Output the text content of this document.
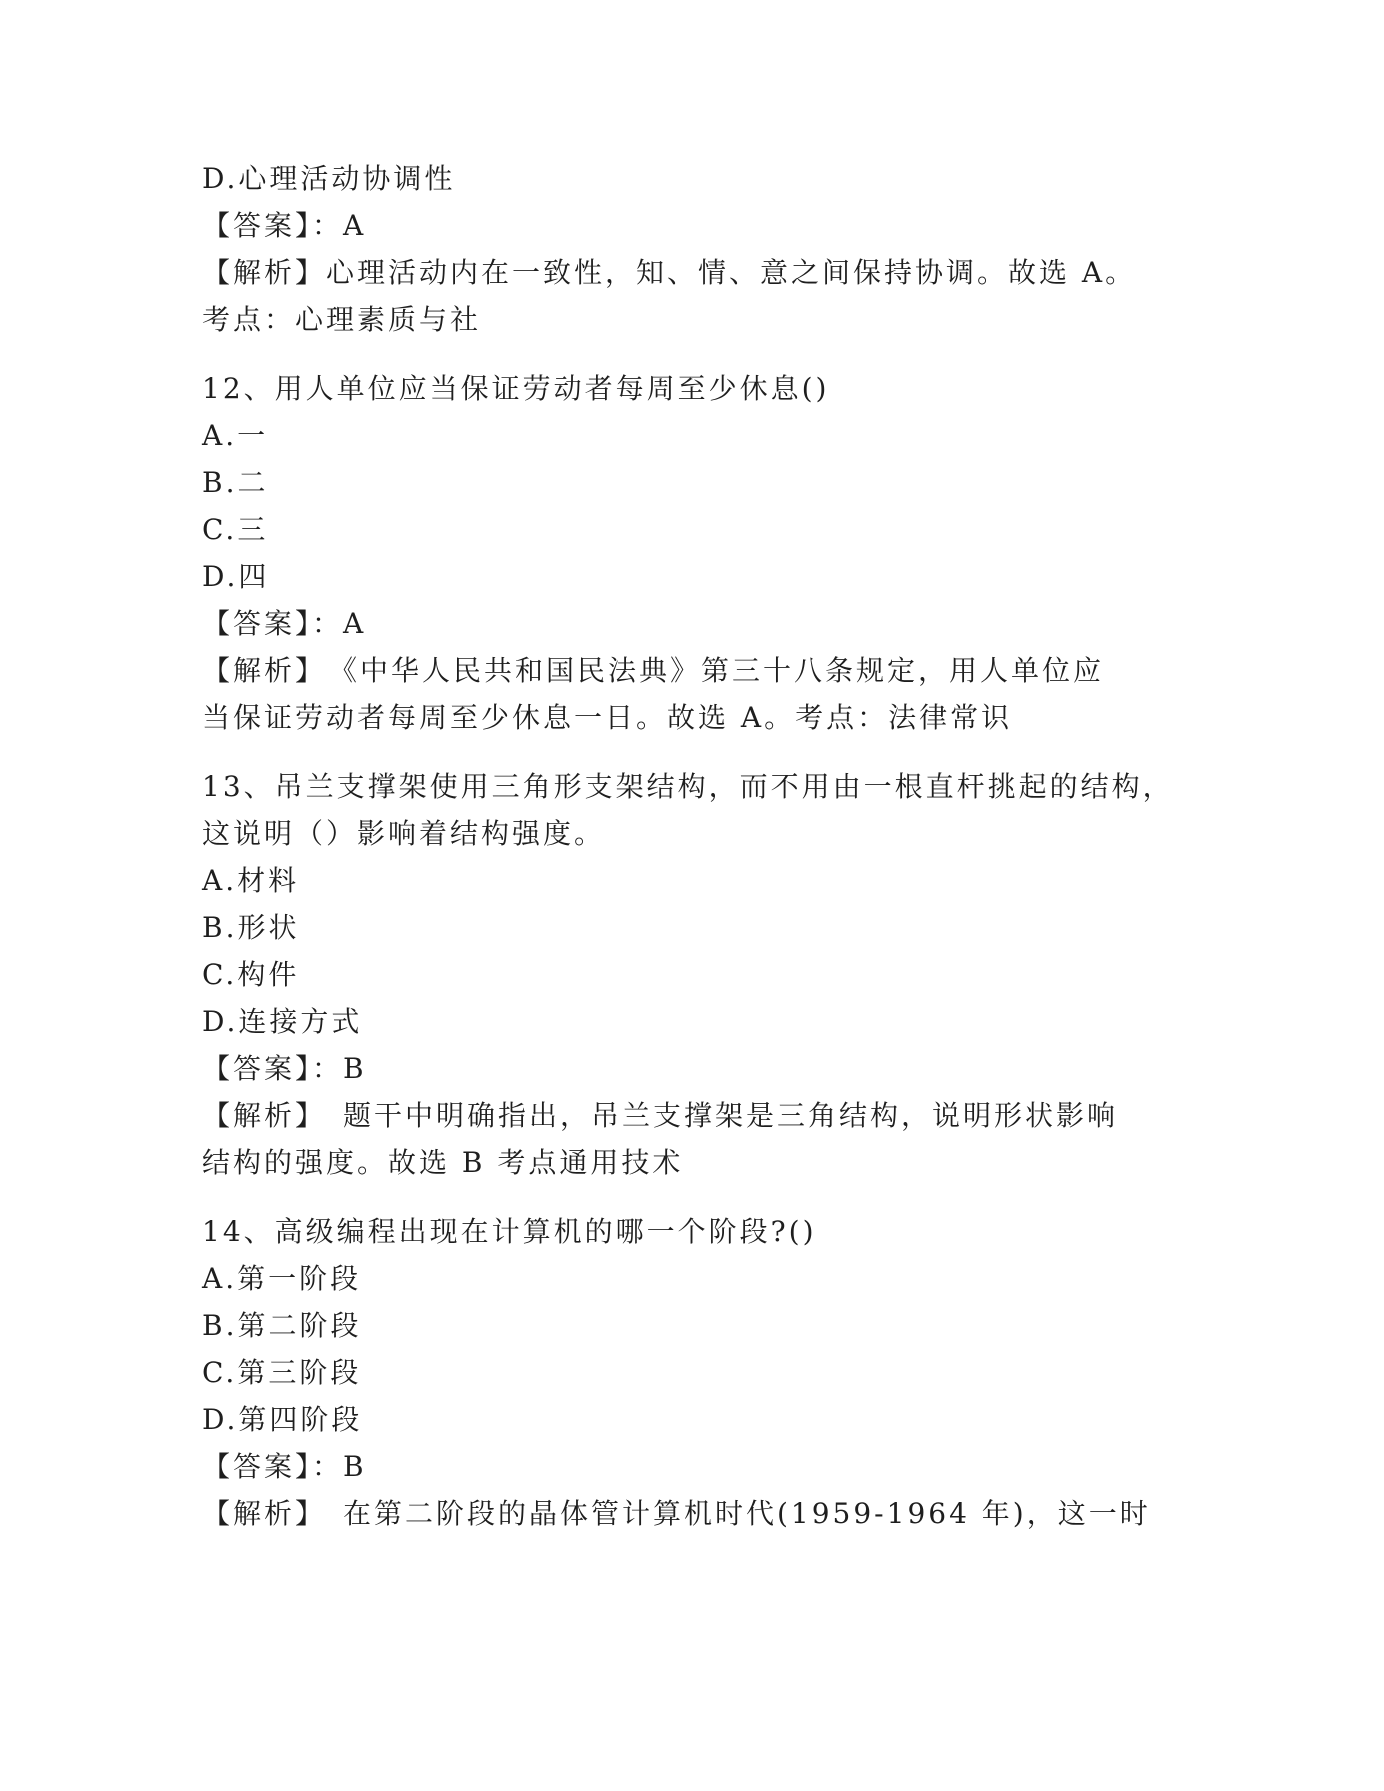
D.心理活动协调性
【答案】：A
【解析】心理活动内在一致性，知、情、意之间保持协调。故选 A。
考点：心理素质与社
12、用人单位应当保证劳动者每周至少休息()
A.一
B.二
C.三
D.四
【答案】：A
【解析】　《中华人民共和国民法典》第三十八条规定，用人单位应
当保证劳动者每周至少休息一日。故选 A。考点：法律常识
13、吊兰支撑架使用三角形支架结构，而不用由一根直杆挑起的结构，
这说明（）影响着结构强度。
A.材料
B.形状
C.构件
D.连接方式
【答案】：B
【解析】　题干中明确指出，吊兰支撑架是三角结构，说明形状影响
结构的强度。故选 B 考点通用技术
14、高级编程出现在计算机的哪一个阶段?()
A.第一阶段
B.第二阶段
C.第三阶段
D.第四阶段
【答案】：B
【解析】　在第二阶段的晶体管计算机时代(1959-1964 年)，这一时
